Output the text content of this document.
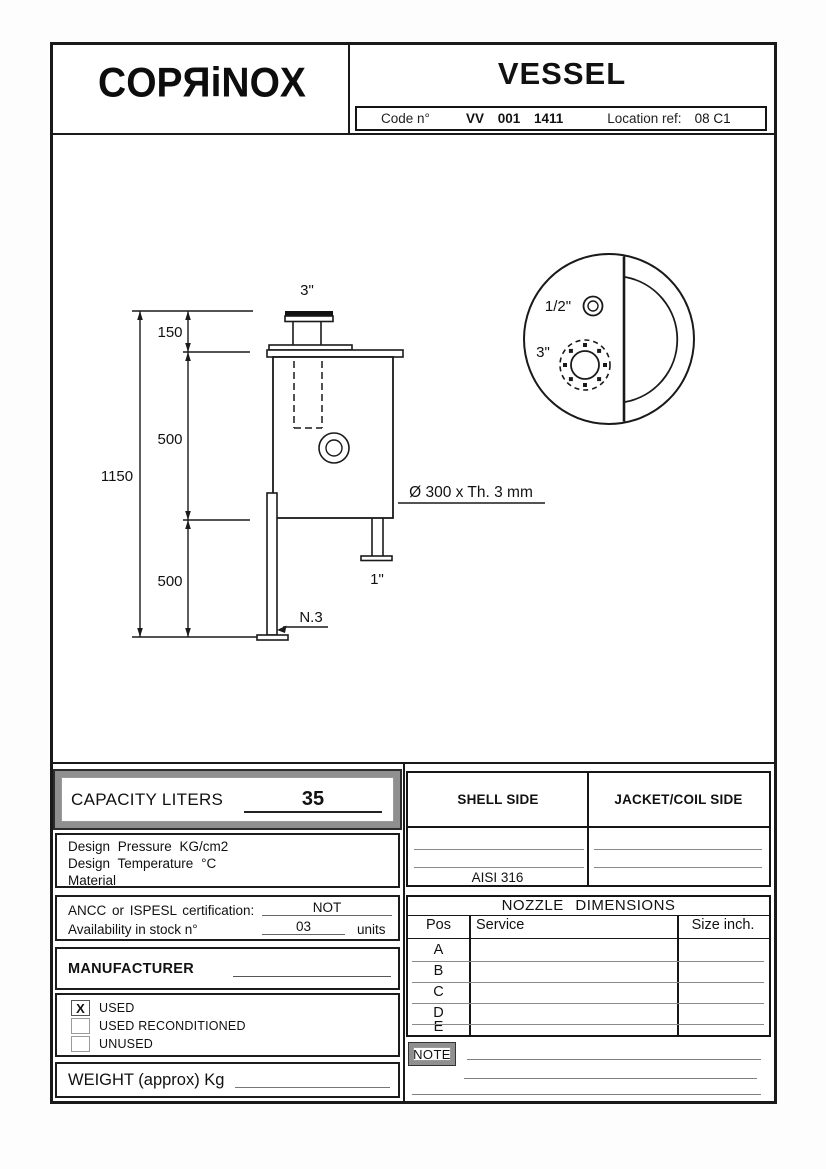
COPЯiNOX	VESSEL
Code n°	VV 001 1411	Location ref: 08 C1
150
500
1150
500
3"
1"
N.3
Ø 300 x Th. 3 mm
1/2"
3"
CAPACITY LITERS	35
Design Pressure KG/cm2
Design Temperature °C
Material
ANCC or ISPESL certification:	NOT
Availability in stock n°	03	units
MANUFACTURER
X	USED
USED RECONDITIONED
UNUSED
WEIGHT (approx) Kg
SHELL SIDE	JACKET/COIL SIDE
AISI 316
NOZZLE DIMENSIONS
Pos	Service	Size inch.
A
B
C
D
E
NOTE
